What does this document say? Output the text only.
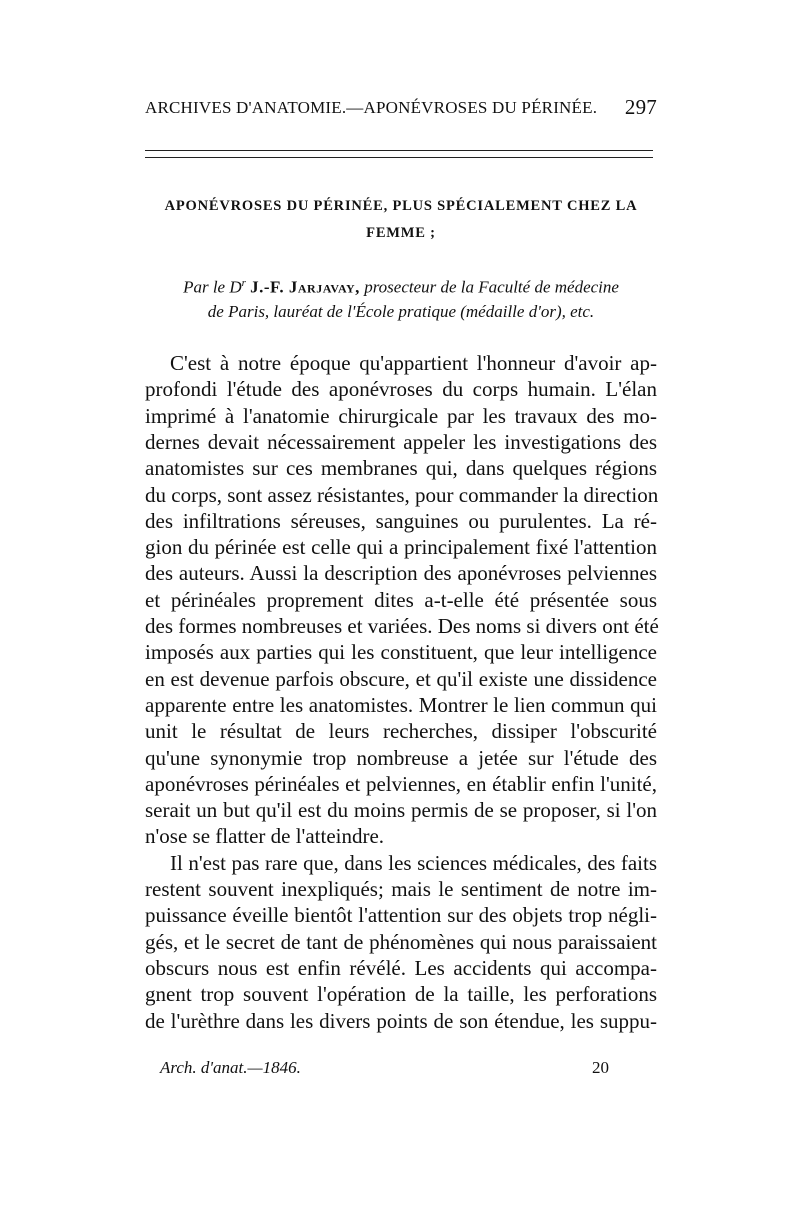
ARCHIVES D'ANATOMIE.—APONÉVROSES DU PÉRINÉE. 297
APONÉVROSES DU PÉRINÉE, PLUS SPÉCIALEMENT CHEZ LA
FEMME ;
Par le $D^r$ J.-F. Jarjavay, prosecteur de la Faculté de médecine
de Paris, lauréat de l'École pratique (médaille d'or), etc.
C'est à notre époque qu'appartient l'honneur d'avoir ap-
profondi l'étude des aponévroses du corps humain. L'élan
imprimé à l'anatomie chirurgicale par les travaux des mo-
dernes devait nécessairement appeler les investigations des
anatomistes sur ces membranes qui, dans quelques régions
du corps, sont assez résistantes, pour commander la direction
des infiltrations séreuses, sanguines ou purulentes. La ré-
gion du périnée est celle qui a principalement fixé l'attention
des auteurs. Aussi la description des aponévroses pelviennes
et périnéales proprement dites a-t-elle été présentée sous
des formes nombreuses et variées. Des noms si divers ont été
imposés aux parties qui les constituent, que leur intelligence
en est devenue parfois obscure, et qu'il existe une dissidence
apparente entre les anatomistes. Montrer le lien commun qui
unit le résultat de leurs recherches, dissiper l'obscurité
qu'une synonymie trop nombreuse a jetée sur l'étude des
aponévroses périnéales et pelviennes, en établir enfin l'unité,
serait un but qu'il est du moins permis de se proposer, si l'on
n'ose se flatter de l'atteindre.
Il n'est pas rare que, dans les sciences médicales, des faits
restent souvent inexpliqués; mais le sentiment de notre im-
puissance éveille bientôt l'attention sur des objets trop négli-
gés, et le secret de tant de phénomènes qui nous paraissaient
obscurs nous est enfin révélé. Les accidents qui accompa-
gnent trop souvent l'opération de la taille, les perforations
de l'urèthre dans les divers points de son étendue, les suppu-
Arch. d'anat.—1846.	20
